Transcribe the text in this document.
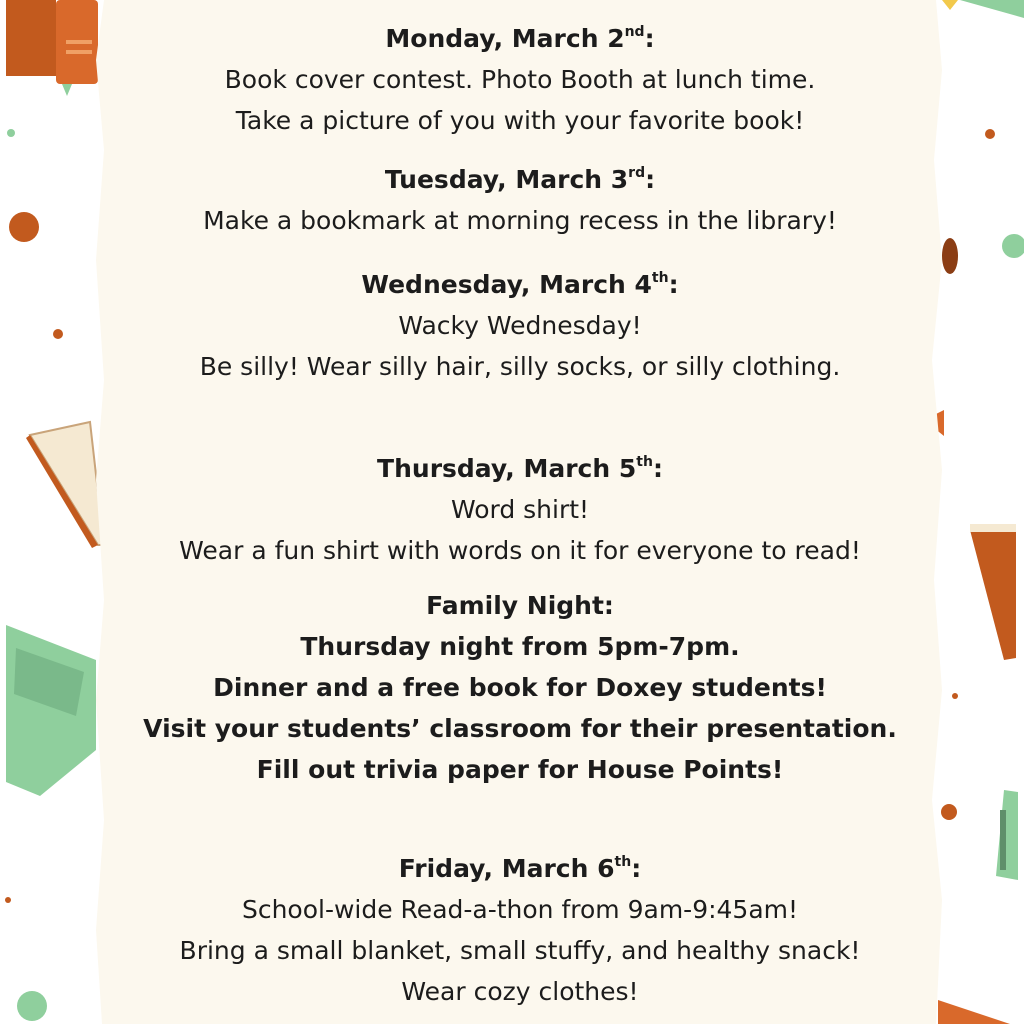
Monday, March 2nd:
Book cover contest. Photo Booth at lunch time.
Take a picture of you with your favorite book!
Tuesday, March 3rd:
Make a bookmark at morning recess in the library!
Wednesday, March 4th:
Wacky Wednesday!
Be silly! Wear silly hair, silly socks, or silly clothing.
Thursday, March 5th:
Word shirt!
Wear a fun shirt with words on it for everyone to read!
Family Night:
Thursday night from 5pm-7pm.
Dinner and a free book for Doxey students!
Visit your students’ classroom for their presentation.
Fill out trivia paper for House Points!
Friday, March 6th:
School-wide Read-a-thon from 9am-9:45am!
Bring a small blanket, small stuffy, and healthy snack!
Wear cozy clothes!
